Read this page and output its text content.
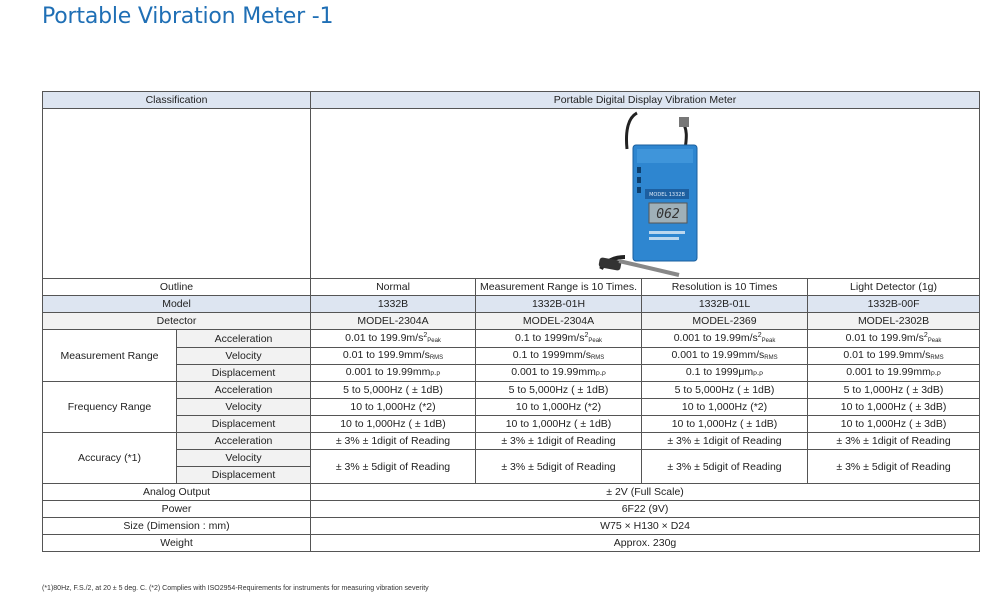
Portable Vibration Meter -1
Classification		Portable Digital Display Vibration Meter			

MODEL 1332B
062			

Outline		Normal	Measurement Range is 10 Times.	Resolution is 10 Times	Light Detector (1g)
Model		1332B	1332B-01H	1332B-01L	1332B-00F
Detector		MODEL-2304A	MODEL-2304A	MODEL-2369	MODEL-2302B
Measurement Range	Acceleration	0.01 to $199.9m/s^2_{Peak}$	0.1 to $1999m/s^2_{Peak}$	0.001 to $19.99m/s^2_{Peak}$	0.01 to $199.9m/s^2_{Peak}$
	Velocity	0.01 to $199.9mm/s_{RMS}$	0.1 to $1999mm/s_{RMS}$	0.001 to $19.99mm/s_{RMS}$	0.01 to $199.9mm/s_{RMS}$
	Displacement	0.001 to $19.99mm_{P-P}$	0.001 to $19.99mm_{P-P}$	0.1 to $1999\mu m_{P-P}$	0.001 to $19.99mm_{P-P}$
Frequency Range	Acceleration	5 to 5,000Hz ( ± 1dB)	5 to 5,000Hz ( ± 1dB)	5 to 5,000Hz ( ± 1dB)	5 to 1,000Hz ( ± 3dB)
	Velocity	10 to 1,000Hz (*2)	10 to 1,000Hz (*2)	10 to 1,000Hz (*2)	10 to 1,000Hz ( ± 3dB)
	Displacement	10 to 1,000Hz ( ± 1dB)	10 to 1,000Hz ( ± 1dB)	10 to 1,000Hz ( ± 1dB)	10 to 1,000Hz ( ± 3dB)
Accuracy (*1)	Acceleration	± 3% ± 1digit of Reading	± 3% ± 1digit of Reading	± 3% ± 1digit of Reading	± 3% ± 1digit of Reading
	Velocity	± 3% ± 5digit of Reading	± 3% ± 5digit of Reading	± 3% ± 5digit of Reading	± 3% ± 5digit of Reading
	Displacement				
Analog Output		± 2V (Full Scale)			
Power		6F22 (9V)			
Size (Dimension : mm)		W75 × H130 × D24			
Weight		Approx. 230g			
(*1)80Hz, F.S./2, at 20 ± 5 deg. C. (*2) Complies with ISO2954-Requirements for instruments for measuring vibration severity
